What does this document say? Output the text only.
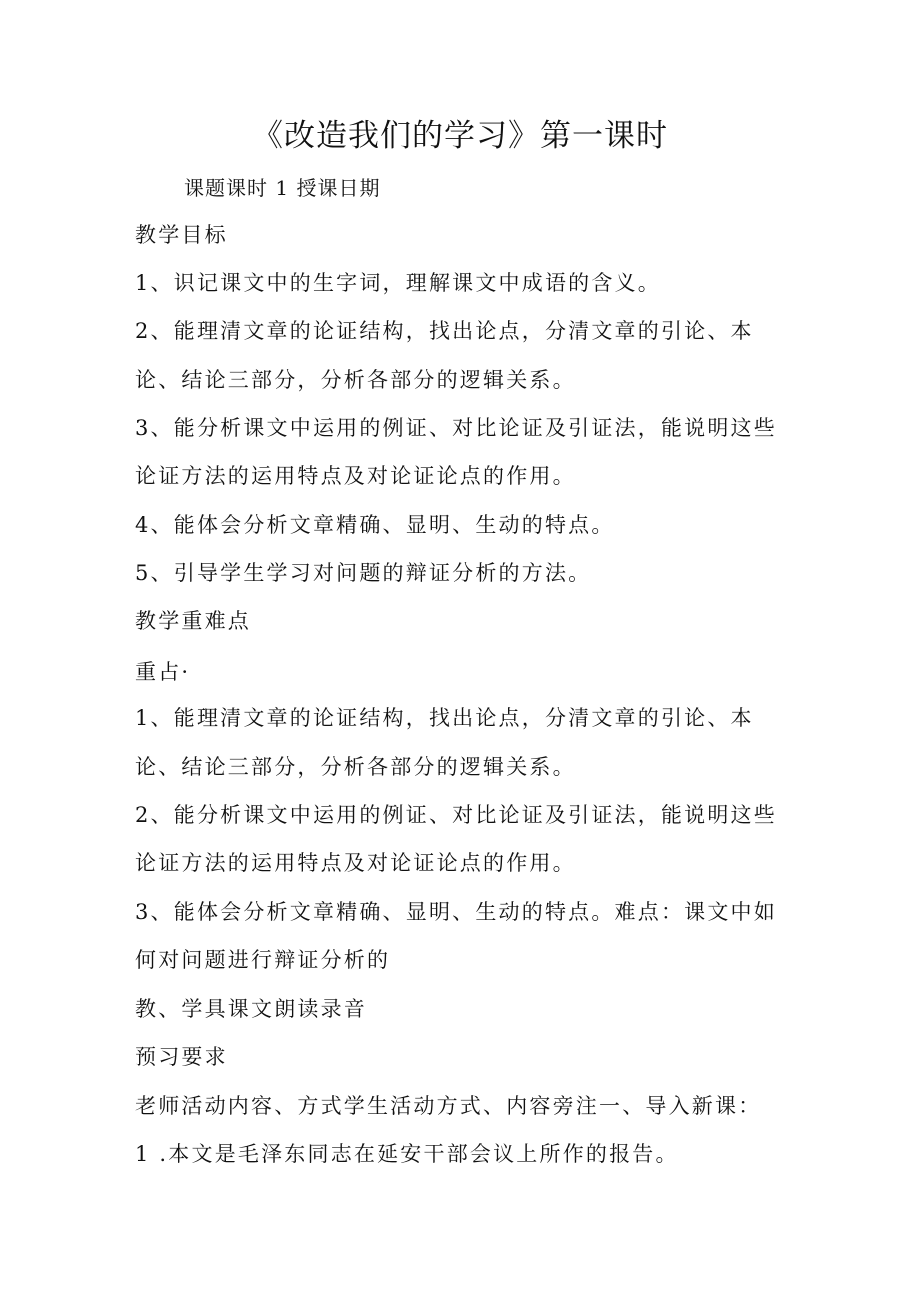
《改造我们的学习》第一课时
课题课时 1 授课日期
教学目标
1、识记课文中的生字词，理解课文中成语的含义。
2、能理清文章的论证结构，找出论点，分清文章的引论、本
论、结论三部分，分析各部分的逻辑关系。
3、能分析课文中运用的例证、对比论证及引证法，能说明这些
论证方法的运用特点及对论证论点的作用。
4、能体会分析文章精确、显明、生动的特点。
5、引导学生学习对问题的辩证分析的方法。
教学重难点
重占·
1、能理清文章的论证结构，找出论点，分清文章的引论、本
论、结论三部分，分析各部分的逻辑关系。
2、能分析课文中运用的例证、对比论证及引证法，能说明这些
论证方法的运用特点及对论证论点的作用。
3、能体会分析文章精确、显明、生动的特点。难点：课文中如
何对问题进行辩证分析的
教、学具课文朗读录音
预习要求
老师活动内容、方式学生活动方式、内容旁注一、导入新课：
1 .本文是毛泽东同志在延安干部会议上所作的报告。
